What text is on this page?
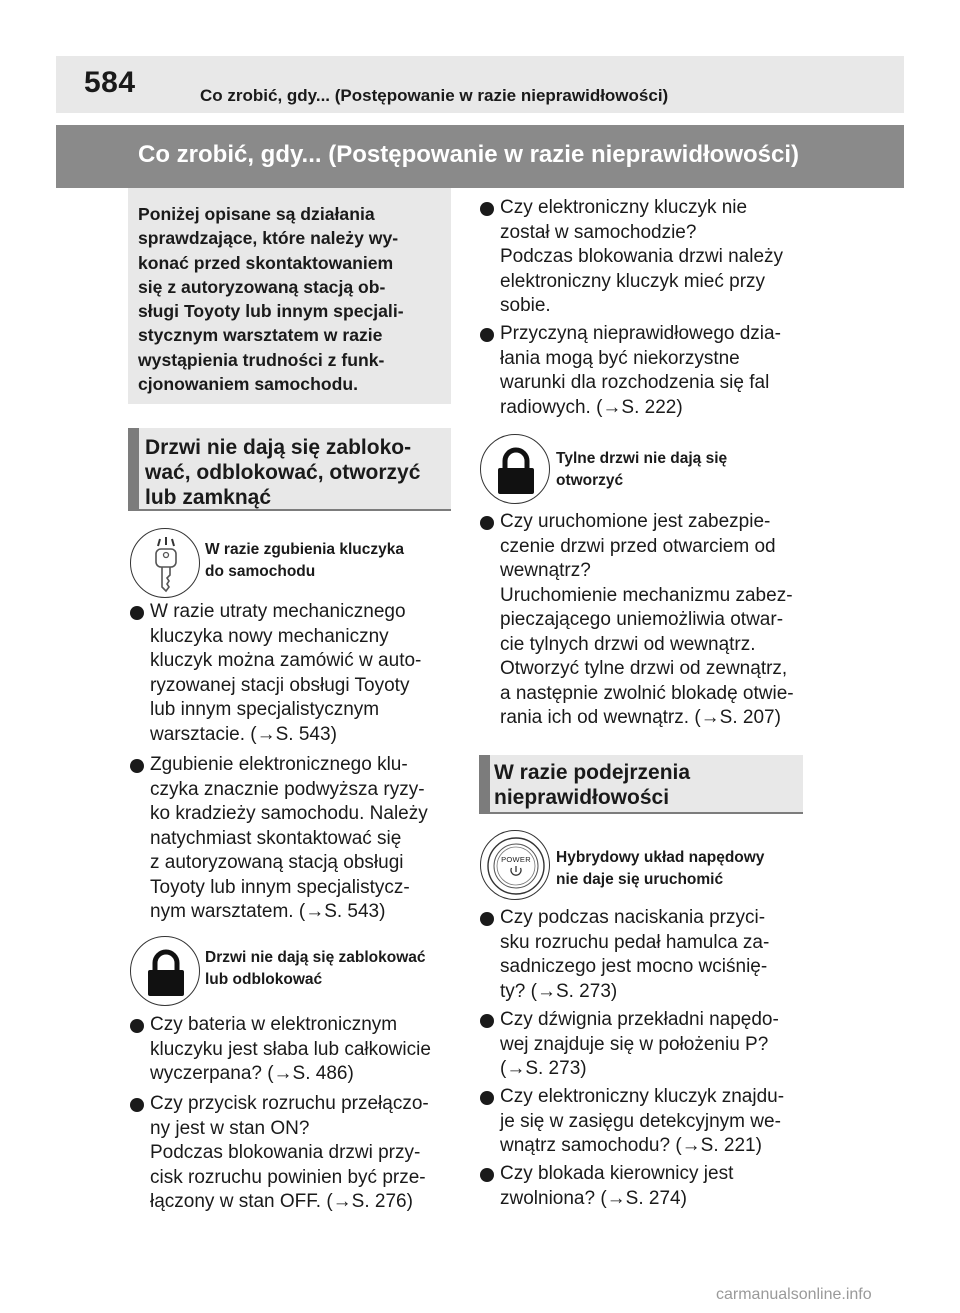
584	Co zrobić, gdy... (Postępowanie w razie nieprawidłowości)
Co zrobić, gdy... (Postępowanie w razie nieprawidłowości)
Poniżej opisane są działania
sprawdzające, które należy wy-
konać przed skontaktowaniem
się z autoryzowaną stacją ob-
sługi Toyoty lub innym specjali-
stycznym warsztatem w razie
wystąpienia trudności z funk-
cjonowaniem samochodu.
Drzwi nie dają się zabloko-
wać, odblokować, otworzyć
lub zamknąć
W razie zgubienia kluczyka
do samochodu
W razie utraty mechanicznego
kluczyka nowy mechaniczny
kluczyk można zamówić w auto-
ryzowanej stacji obsługi Toyoty
lub innym specjalistycznym
warsztacie. (→S. 543)
Zgubienie elektronicznego klu-
czyka znacznie podwyższa ryzy-
ko kradzieży samochodu. Należy
natychmiast skontaktować się
z autoryzowaną stacją obsługi
Toyoty lub innym specjalistycz-
nym warsztatem. (→S. 543)
Drzwi nie dają się zablokować
lub odblokować
Czy bateria w elektronicznym
kluczyku jest słaba lub całkowicie
wyczerpana? (→S. 486)
Czy przycisk rozruchu przełączo-
ny jest w stan ON?
Podczas blokowania drzwi przy-
cisk rozruchu powinien być prze-
łączony w stan OFF. (→S. 276)
Czy elektroniczny kluczyk nie
został w samochodzie?
Podczas blokowania drzwi należy
elektroniczny kluczyk mieć przy
sobie.
Przyczyną nieprawidłowego dzia-
łania mogą być niekorzystne
warunki dla rozchodzenia się fal
radiowych. (→S. 222)
Tylne drzwi nie dają się
otworzyć
Czy uruchomione jest zabezpie-
czenie drzwi przed otwarciem od
wewnątrz?
Uruchomienie mechanizmu zabez-
pieczającego uniemożliwia otwar-
cie tylnych drzwi od wewnątrz.
Otworzyć tylne drzwi od zewnątrz,
a następnie zwolnić blokadę otwie-
rania ich od wewnątrz. (→S. 207)
W razie podejrzenia
nieprawidłowości
POWER	Hybrydowy układ napędowy
nie daje się uruchomić
Czy podczas naciskania przyci-
sku rozruchu pedał hamulca za-
sadniczego jest mocno wciśnię-
ty? (→S. 273)
Czy dźwignia przekładni napędo-
wej znajduje się w położeniu P?
(→S. 273)
Czy elektroniczny kluczyk znajdu-
je się w zasięgu detekcyjnym we-
wnątrz samochodu? (→S. 221)
Czy blokada kierownicy jest
zwolniona? (→S. 274)
carmanualsonline.info
